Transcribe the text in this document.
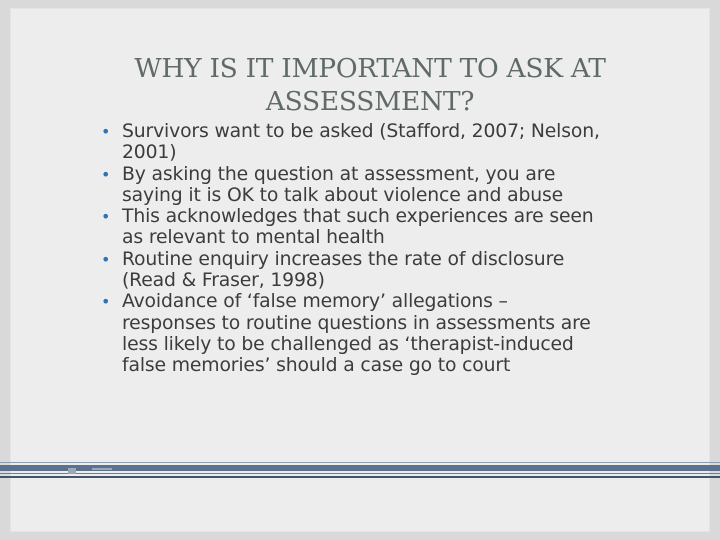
WHY IS IT IMPORTANT TO ASK AT
ASSESSMENT?
• Survivors want to be asked (Stafford, 2007; Nelson,
2001)
• By asking the question at assessment, you are
saying it is OK to talk about violence and abuse
• This acknowledges that such experiences are seen
as relevant to mental health
• Routine enquiry increases the rate of disclosure
(Read & Fraser, 1998)
• Avoidance of ‘false memory’ allegations –
responses to routine questions in assessments are
less likely to be challenged as ‘therapist-induced
false memories’ should a case go to court
